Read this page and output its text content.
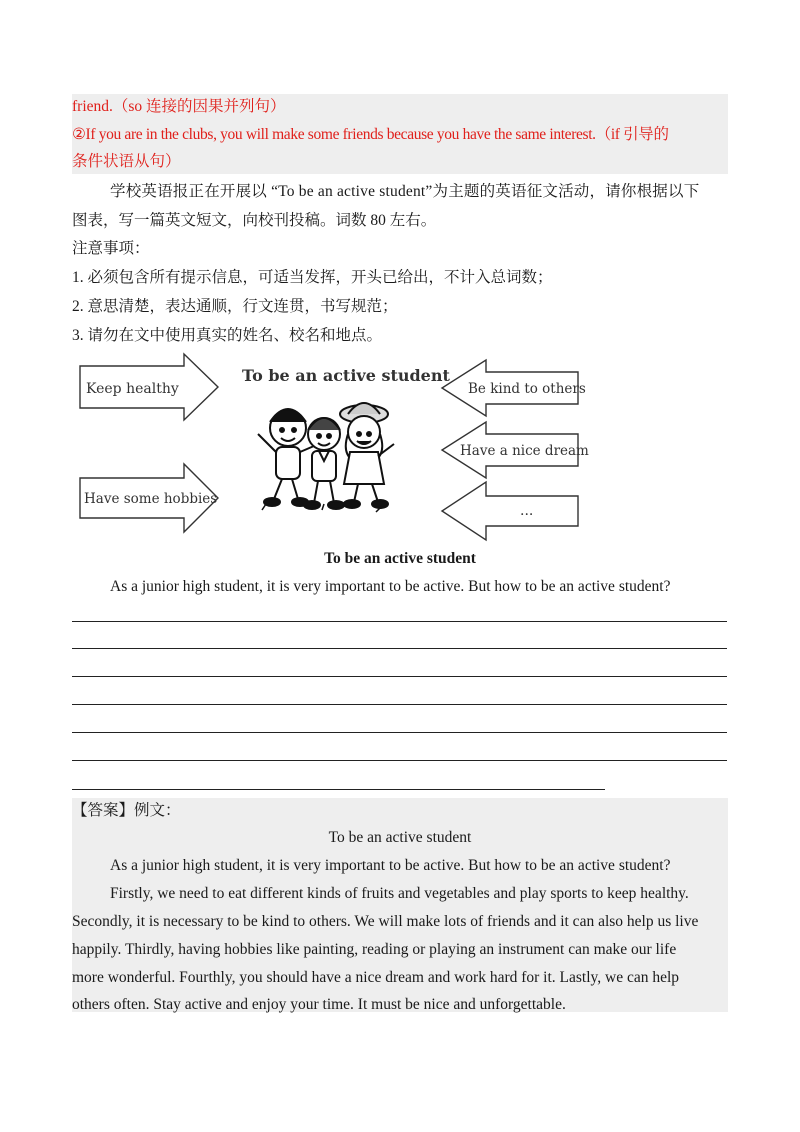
friend.（so 连接的因果并列句）
②If you are in the clubs, you will make some friends because you have the same interest.（if 引导的
条件状语从句）
学校英语报正在开展以 “To be an active student”为主题的英语征文活动，请你根据以下
图表，写一篇英文短文，向校刊投稿。词数 80 左右。
注意事项：
1. 必须包含所有提示信息，可适当发挥，开头已给出，不计入总词数；
2. 意思清楚，表达通顺，行文连贯，书写规范；
3. 请勿在文中使用真实的姓名、校名和地点。
Keep healthy
Have some hobbies
To be an active student
Be kind to others
Have a nice dream
...
To be an active student
As a junior high student, it is very important to be active. But how to be an active student?
【答案】例文：
To be an active student
As a junior high student, it is very important to be active. But how to be an active student?
Firstly, we need to eat different kinds of fruits and vegetables and play sports to keep healthy.
Secondly, it is necessary to be kind to others. We will make lots of friends and it can also help us live
happily. Thirdly, having hobbies like painting, reading or playing an instrument can make our life
more wonderful. Fourthly, you should have a nice dream and work hard for it. Lastly, we can help
others often. Stay active and enjoy your time. It must be nice and unforgettable.
